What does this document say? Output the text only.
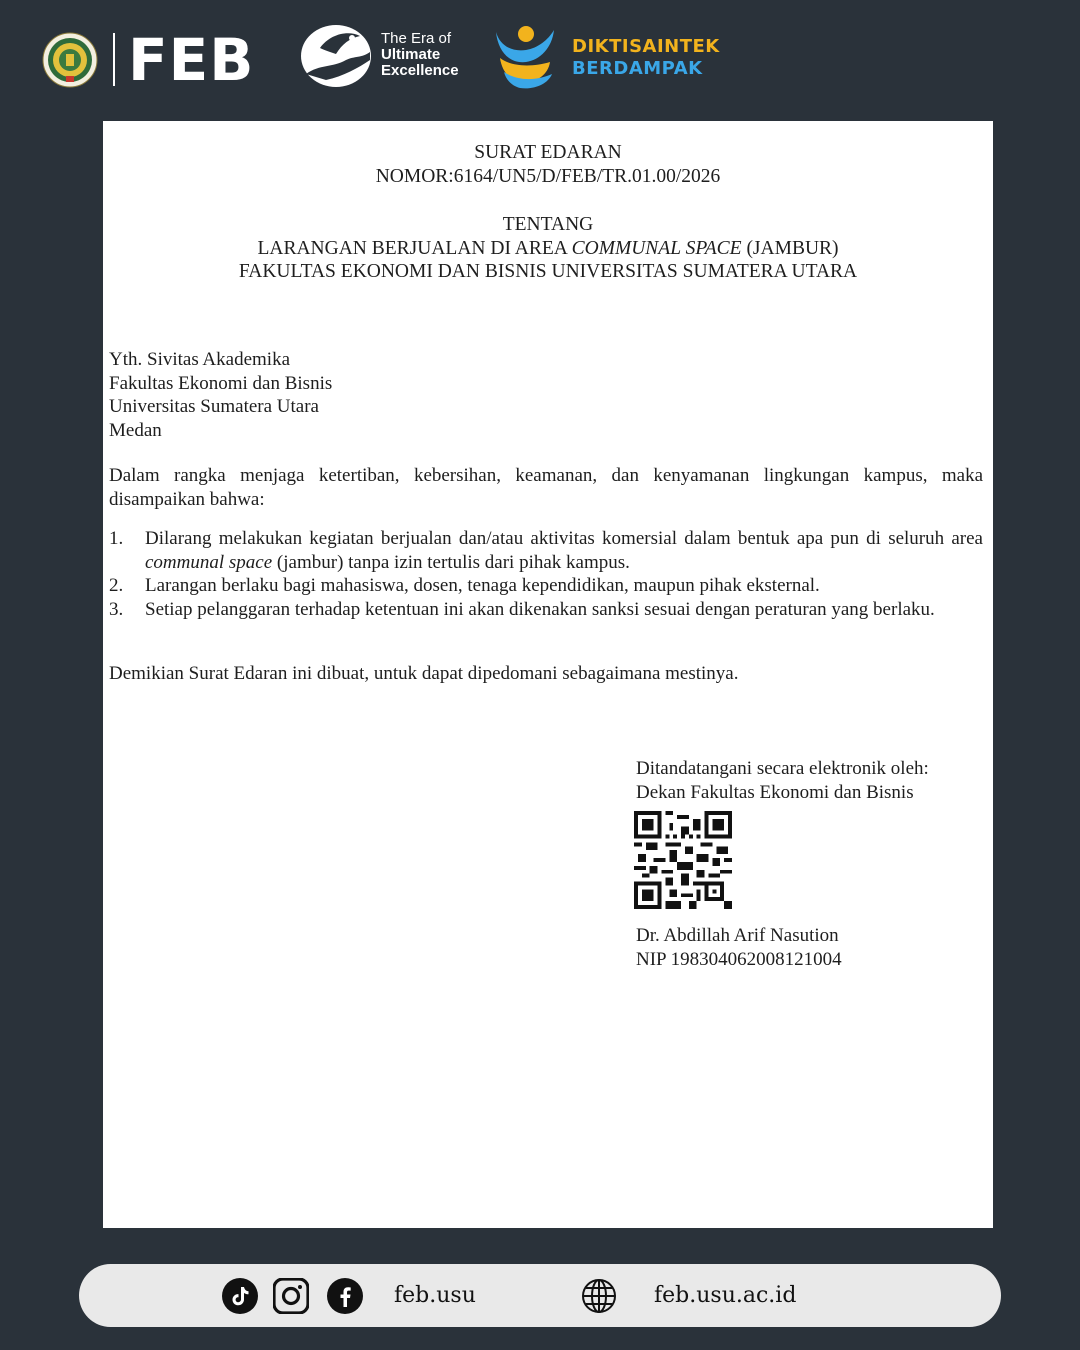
FEB	The Era of
Ultimate
Excellence
DIKTISAINTEK
BERDAMPAK

SURAT EDARAN

NOMOR:6164/UN5/D/FEB/TR.01.00/2026

TENTANG

LARANGAN BERJUALAN DI AREA COMMUNAL SPACE (JAMBUR)

FAKULTAS EKONOMI DAN BISNIS UNIVERSITAS SUMATERA UTARA

Yth. Sivitas Akademika

Fakultas Ekonomi dan Bisnis

Universitas Sumatera Utara

Medan

Dalam rangka menjaga ketertiban, kebersihan, keamanan, dan kenyamanan lingkungan kampus, maka disampaikan bahwa:

1. Dilarang melakukan kegiatan berjualan dan/atau aktivitas komersial dalam bentuk apa pun di seluruh area communal space (jambur) tanpa izin tertulis dari pihak kampus.
2. Larangan berlaku bagi mahasiswa, dosen, tenaga kependidikan, maupun pihak eksternal.
3. Setiap pelanggaran terhadap ketentuan ini akan dikenakan sanksi sesuai dengan peraturan yang berlaku.

Demikian Surat Edaran ini dibuat, untuk dapat dipedomani sebagaimana mestinya.

Ditandatangani secara elektronik oleh:

Dekan Fakultas Ekonomi dan Bisnis

Dr. Abdillah Arif Nasution

NIP 198304062008121004

feb.usu	feb.usu.ac.id
